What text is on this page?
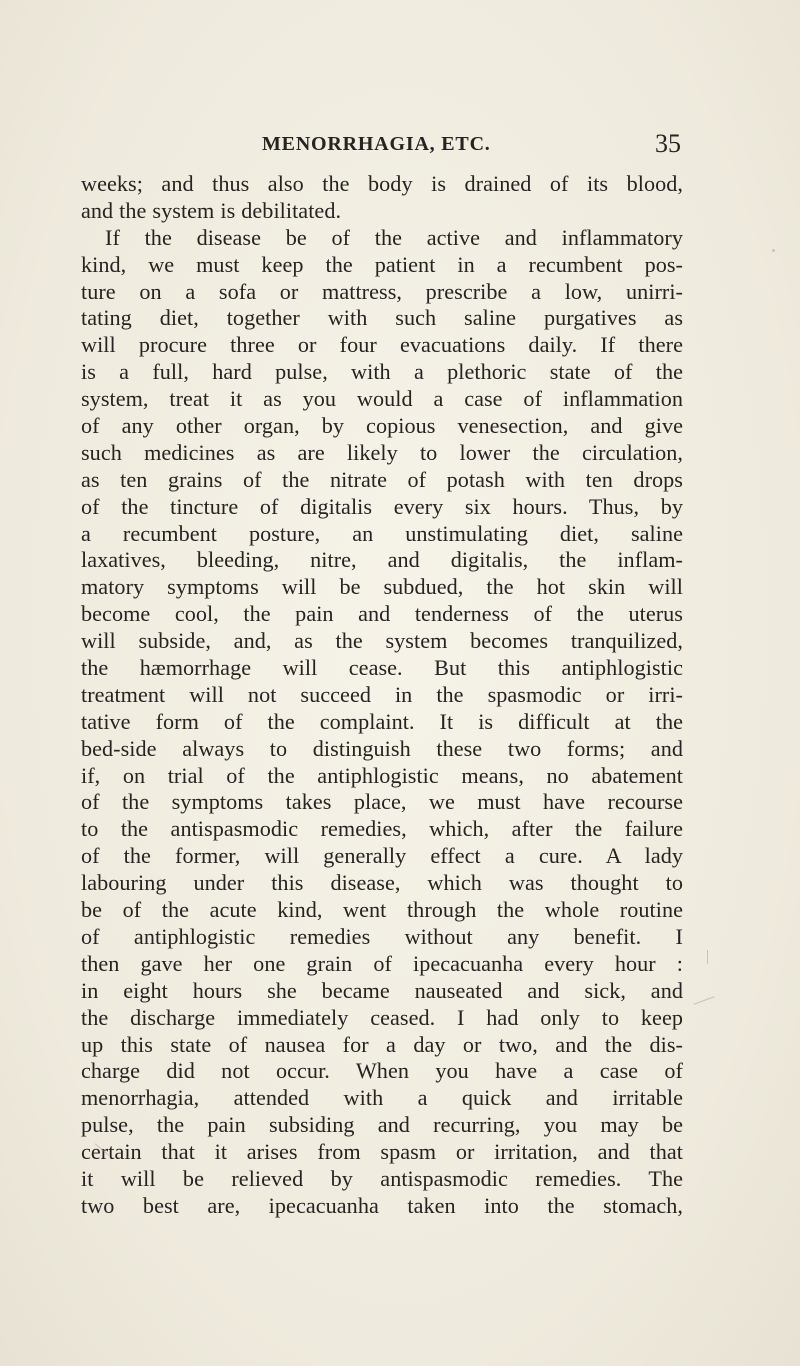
MENORRHAGIA, ETC.	35
weeks; and thus also the body is drained of its blood,
and the system is debilitated.
If the disease be of the active and inflammatory
kind, we must keep the patient in a recumbent pos-
ture on a sofa or mattress, prescribe a low, unirri-
tating diet, together with such saline purgatives as
will procure three or four evacuations daily. If there
is a full, hard pulse, with a plethoric state of the
system, treat it as you would a case of inflammation
of any other organ, by copious venesection, and give
such medicines as are likely to lower the circulation,
as ten grains of the nitrate of potash with ten drops
of the tincture of digitalis every six hours. Thus, by
a recumbent posture, an unstimulating diet, saline
laxatives, bleeding, nitre, and digitalis, the inflam-
matory symptoms will be subdued, the hot skin will
become cool, the pain and tenderness of the uterus
will subside, and, as the system becomes tranquilized,
the hæmorrhage will cease. But this antiphlogistic
treatment will not succeed in the spasmodic or irri-
tative form of the complaint. It is difficult at the
bed-side always to distinguish these two forms; and
if, on trial of the antiphlogistic means, no abatement
of the symptoms takes place, we must have recourse
to the antispasmodic remedies, which, after the failure
of the former, will generally effect a cure. A lady
labouring under this disease, which was thought to
be of the acute kind, went through the whole routine
of antiphlogistic remedies without any benefit. I
then gave her one grain of ipecacuanha every hour :
in eight hours she became nauseated and sick, and
the discharge immediately ceased. I had only to keep
up this state of nausea for a day or two, and the dis-
charge did not occur. When you have a case of
menorrhagia, attended with a quick and irritable
pulse, the pain subsiding and recurring, you may be
certain that it arises from spasm or irritation, and that
it will be relieved by antispasmodic remedies. The
two best are, ipecacuanha taken into the stomach,
